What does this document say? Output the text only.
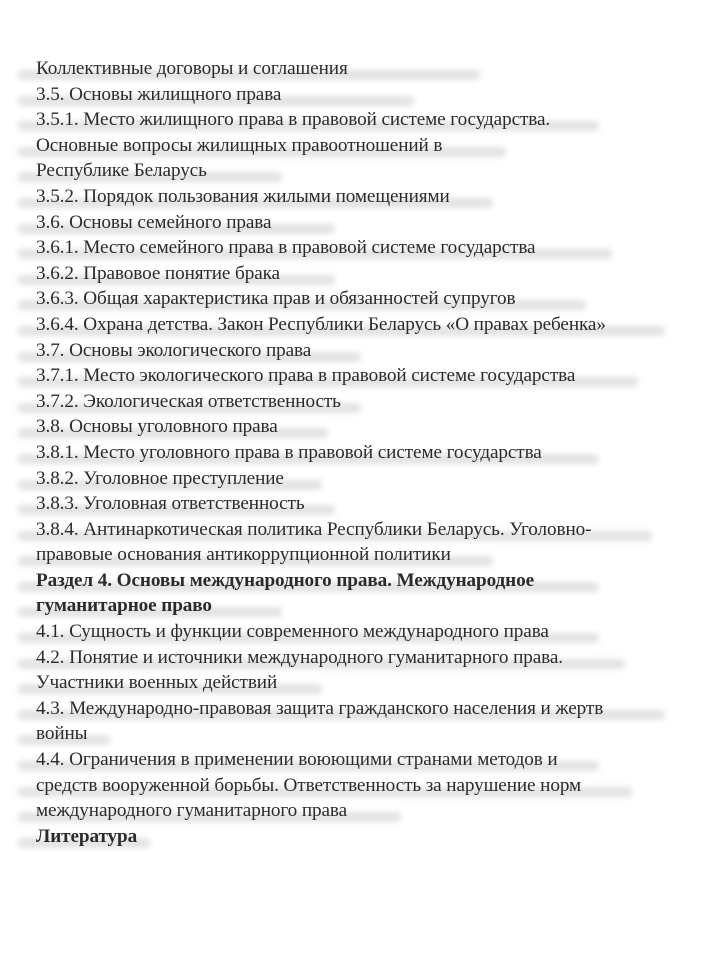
Коллективные договоры и соглашения
3.5. Основы жилищного права
3.5.1. Место жилищного права в правовой системе государства.
Основные вопросы жилищных правоотношений в
Республике Беларусь
3.5.2. Порядок пользования жилыми помещениями
3.6. Основы семейного права
3.6.1. Место семейного права в правовой системе государства
3.6.2. Правовое понятие брака
3.6.3. Общая характеристика прав и обязанностей супругов
3.6.4. Охрана детства. Закон Республики Беларусь «О правах ребенка»
3.7. Основы экологического права
3.7.1. Место экологического права в правовой системе государства
3.7.2. Экологическая ответственность
3.8. Основы уголовного права
3.8.1. Место уголовного права в правовой системе государства
3.8.2. Уголовное преступление
3.8.3. Уголовная ответственность
3.8.4. Антинаркотическая политика Республики Беларусь. Уголовно-
правовые основания антикоррупционной политики
Раздел 4. Основы международного права. Международное
гуманитарное право
4.1. Сущность и функции современного международного права
4.2. Понятие и источники международного гуманитарного права.
Участники военных действий
4.3. Международно-правовая защита гражданского населения и жертв
войны
4.4. Ограничения в применении воюющими странами методов и
средств вооруженной борьбы. Ответственность за нарушение норм
международного гуманитарного права
Литература
